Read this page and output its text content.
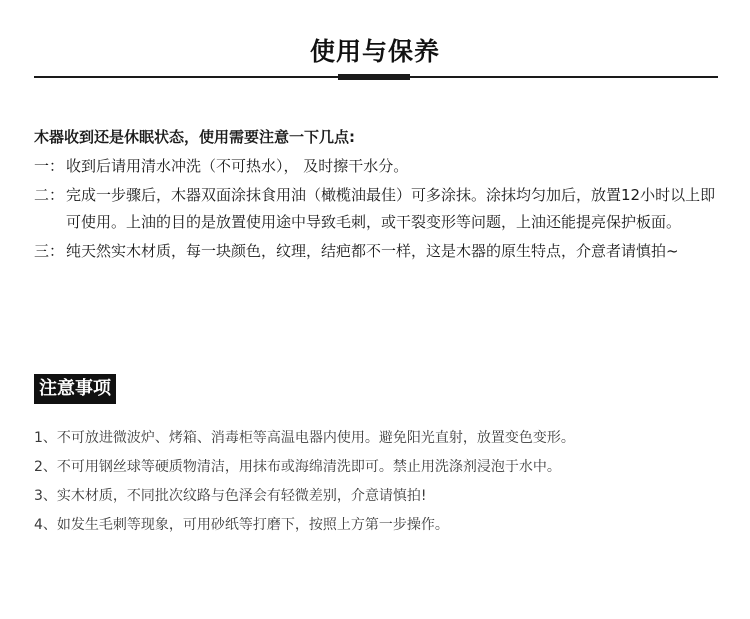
使用与保养
木器收到还是休眠状态，使用需要注意一下几点:
一： 收到后请用清水冲洗（不可热水）， 及时擦干水分。
二： 完成一步骤后，木器双面涂抹食用油（橄榄油最佳）可多涂抹。涂抹均匀加后，放置12小时以上即可使用。上油的目的是放置使用途中导致毛刺，或干裂变形等问题，上油还能提亮保护板面。
三： 纯天然实木材质，每一块颜色，纹理，结疤都不一样，这是木器的原生特点，介意者请慎拍~
注意事项
1、不可放进微波炉、烤箱、消毒柜等高温电器内使用。避免阳光直射，放置变色变形。
2、不可用钢丝球等硬质物清洁，用抹布或海绵清洗即可。禁止用洗涤剂浸泡于水中。
3、实木材质，不同批次纹路与色泽会有轻微差别，介意请慎拍!
4、如发生毛刺等现象，可用砂纸等打磨下，按照上方第一步操作。
